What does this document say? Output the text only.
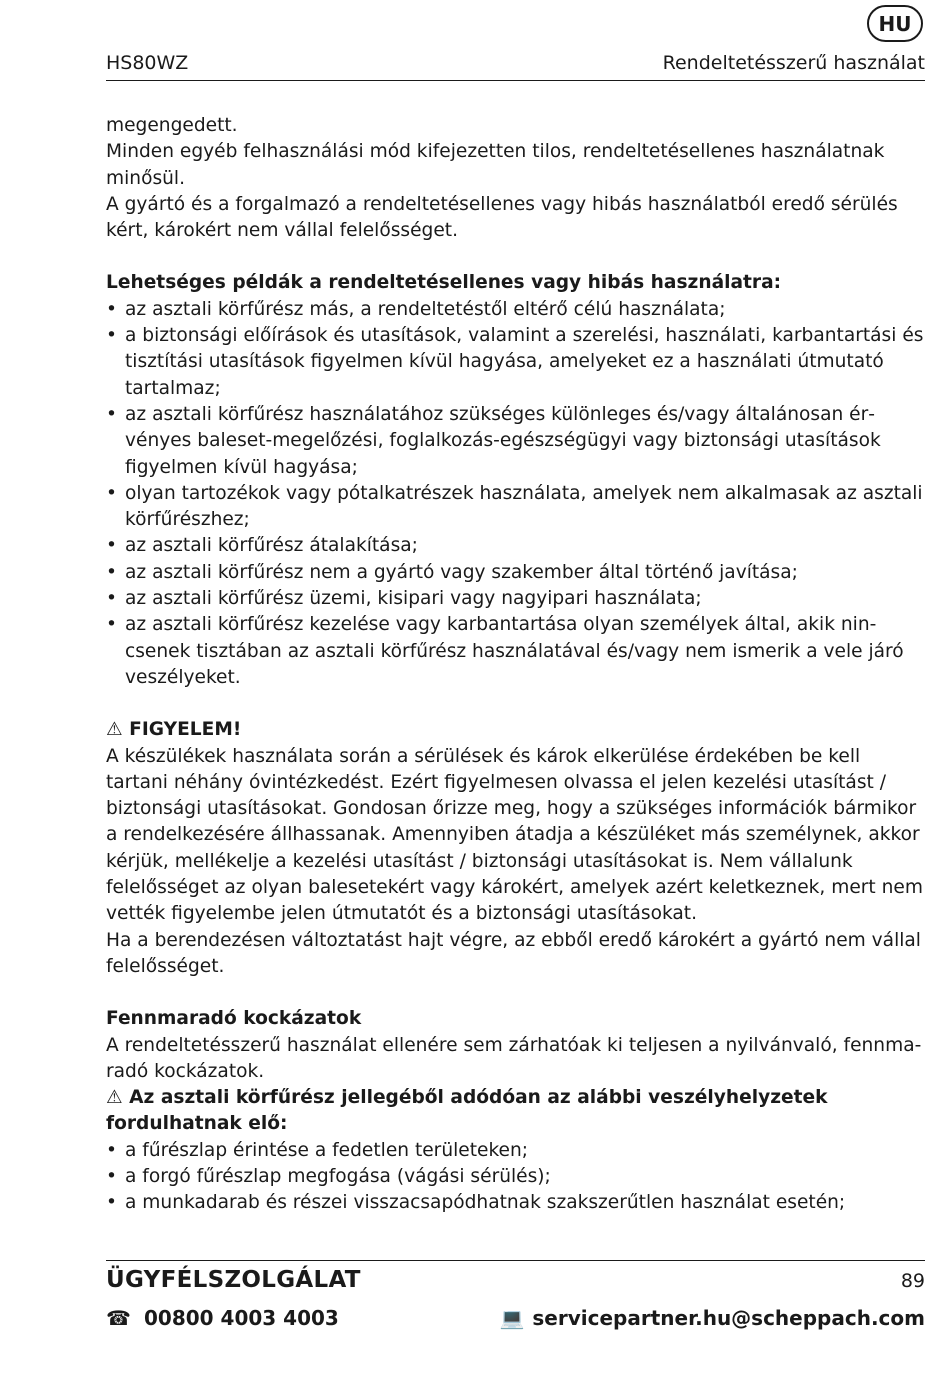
HU
HS80WZ	Rendeltetésszerű használat

megengedett.

Minden egyéb felhasználási mód kifejezetten tilos, rendeltetésellenes használatnak minősül.

A gyártó és a forgalmazó a rendeltetésellenes vagy hibás használatból eredő sérülés kért, károkért nem vállal felelősséget.

Lehetséges példák a rendeltetésellenes vagy hibás használatra:

• az asztali körfűrész más, a rendeltetéstől eltérő célú használata;
• a biztonsági előírások és utasítások, valamint a szerelési, használati, karbantartási és tisztítási utasítások figyelmen kívül hagyása, amelyeket ez a használati útmutató tartalmaz;
• az asztali körfűrész használatához szükséges különleges és/vagy általánosan érvényes baleset-megelőzési, foglalkozás-egészségügyi vagy biztonsági utasítások figyelmen kívül hagyása;
• olyan tartozékok vagy pótalkatrészek használata, amelyek nem alkalmasak az asztali körfűrészhez;
• az asztali körfűrész átalakítása;
• az asztali körfűrész nem a gyártó vagy szakember által történő javítása;
• az asztali körfűrész üzemi, kisipari vagy nagyipari használata;
• az asztali körfűrész kezelése vagy karbantartása olyan személyek által, akik nincsenek tisztában az asztali körfűrész használatával és/vagy nem ismerik a vele járó veszélyeket.

⚠ FIGYELEM!

A készülékek használata során a sérülések és károk elkerülése érdekében be kell tartani néhány óvintézkedést. Ezért figyelmesen olvassa el jelen kezelési utasítást / biztonsági utasításokat. Gondosan őrizze meg, hogy a szükséges információk bármikor a rendelkezésére állhassanak. Amennyiben átadja a készüléket más személynek, akkor kérjük, mellékelje a kezelési utasítást / biztonsági utasításokat is. Nem vállalunk felelősséget az olyan balesetekért vagy károkért, amelyek azért keletkeznek, mert nem vették figyelembe jelen útmutatót és a biztonsági utasításokat.

Ha a berendezésen változtatást hajt végre, az ebből eredő károkért a gyártó nem vállal felelősséget.

Fennmaradó kockázatok

A rendeltetésszerű használat ellenére sem zárhatóak ki teljesen a nyilvánvaló, fennmaradó kockázatok.

⚠ Az asztali körfűrész jellegéből adódóan az alábbi veszélyhelyzetek fordulhatnak elő:

• a fűrészlap érintése a fedetlen területeken;
• a forgó fűrészlap megfogása (vágási sérülés);
• a munkadarab és részei visszacsapódhatnak szakszerűtlen használat esetén;
ÜGYFÉLSZOLGÁLAT	89
☎ 00800 4003 4003	💻 servicepartner.hu@scheppach.com
